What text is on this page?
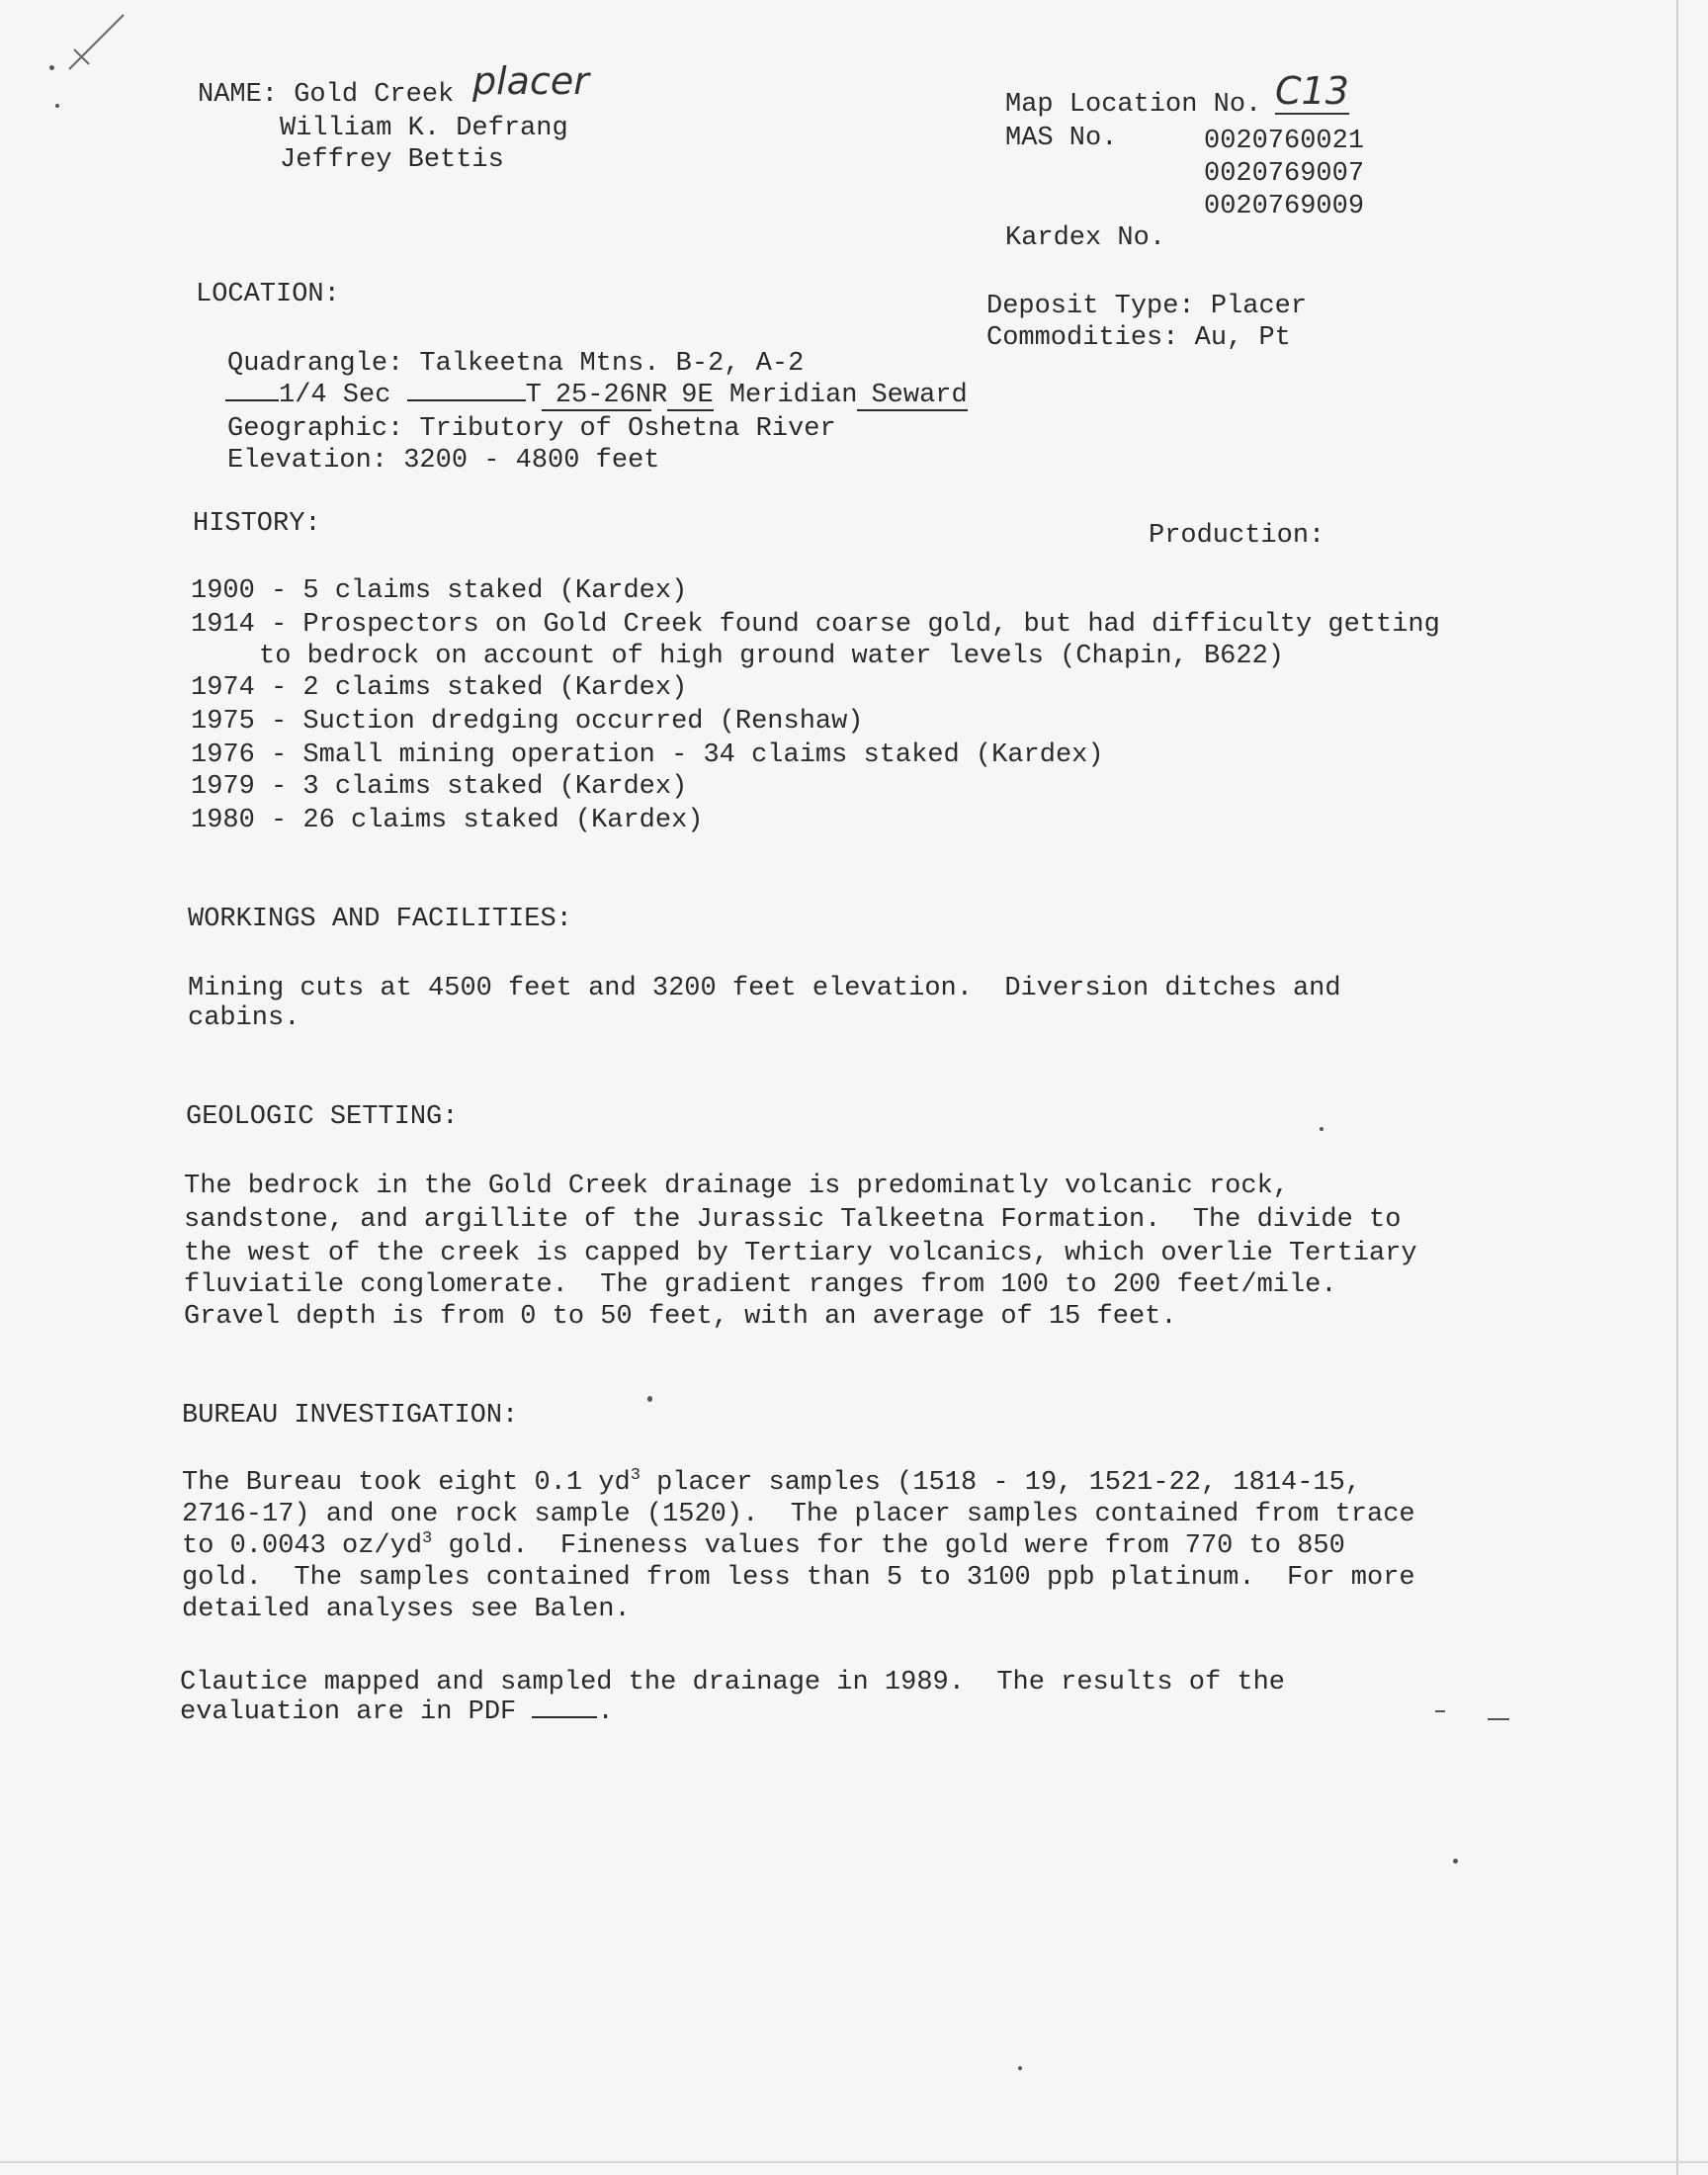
NAME: Gold Creek placer
William K. Defrang
Jeffrey Bettis
Map Location No. C13
MAS No.	0020760021
0020769007
0020769009
Kardex No.
LOCATION:	Deposit Type: Placer
Commodities: Au, Pt
Quadrangle: Talkeetna Mtns. B-2, A-2
1/4 Sec	T 25-26NR 9E Meridian Seward
Geographic: Tributory of Oshetna River
Elevation: 3200 - 4800 feet
HISTORY:	Production:
1900 - 5 claims staked (Kardex)
1914 - Prospectors on Gold Creek found coarse gold, but had difficulty getting
to bedrock on account of high ground water levels (Chapin, B622)
1974 - 2 claims staked (Kardex)
1975 - Suction dredging occurred (Renshaw)
1976 - Small mining operation - 34 claims staked (Kardex)
1979 - 3 claims staked (Kardex)
1980 - 26 claims staked (Kardex)
WORKINGS AND FACILITIES:
Mining cuts at 4500 feet and 3200 feet elevation.  Diversion ditches and
cabins.
GEOLOGIC SETTING:
The bedrock in the Gold Creek drainage is predominatly volcanic rock,
sandstone, and argillite of the Jurassic Talkeetna Formation.  The divide to
the west of the creek is capped by Tertiary volcanics, which overlie Tertiary
fluviatile conglomerate.  The gradient ranges from 100 to 200 feet/mile.
Gravel depth is from 0 to 50 feet, with an average of 15 feet.
BUREAU INVESTIGATION:
The Bureau took eight 0.1 $yd^3$ placer samples (1518 - 19, 1521-22, 1814-15,
2716-17) and one rock sample (1520).  The placer samples contained from trace
to 0.0043 $oz/yd^3$ gold.  Fineness values for the gold were from 770 to 850
gold.  The samples contained from less than 5 to 3100 ppb platinum.  For more
detailed analyses see Balen.
Clautice mapped and sampled the drainage in 1989.  The results of the
evaluation are in PDF .
